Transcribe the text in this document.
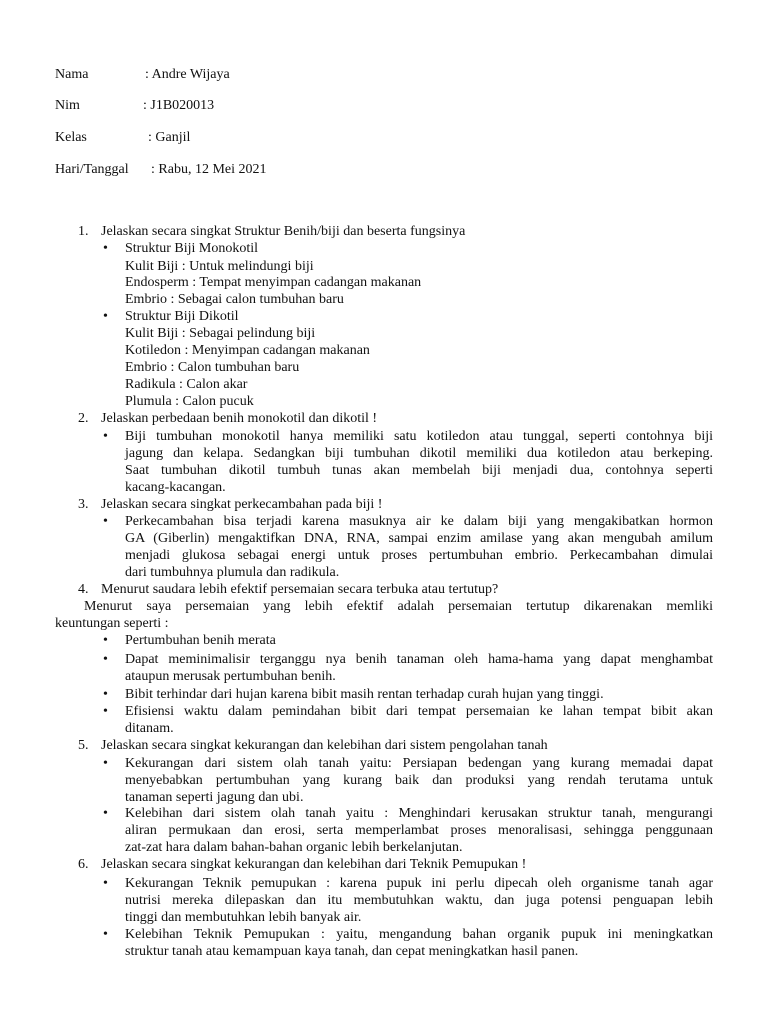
Nama	: Andre Wijaya
Nim	: J1B020013
Kelas	: Ganjil
Hari/Tanggal : Rabu, 12 Mei 2021
1. Jelaskan secara singkat Struktur Benih/biji dan beserta fungsinya
• Struktur Biji Monokotil
Kulit Biji : Untuk melindungi biji
Endosperm : Tempat menyimpan cadangan makanan
Embrio : Sebagai calon tumbuhan baru
• Struktur Biji Dikotil
Kulit Biji : Sebagai pelindung biji
Kotiledon : Menyimpan cadangan makanan
Embrio : Calon tumbuhan baru
Radikula : Calon akar
Plumula : Calon pucuk
2. Jelaskan perbedaan benih monokotil dan dikotil !
• Biji tumbuhan monokotil hanya memiliki satu kotiledon atau tunggal, seperti contohnya biji
jagung dan kelapa. Sedangkan biji tumbuhan dikotil memiliki dua kotiledon atau berkeping.
Saat tumbuhan dikotil tumbuh tunas akan membelah biji menjadi dua, contohnya seperti
kacang-kacangan.
3. Jelaskan secara singkat perkecambahan pada biji !
• Perkecambahan bisa terjadi karena masuknya air ke dalam biji yang mengakibatkan hormon
GA (Giberlin) mengaktifkan DNA, RNA, sampai enzim amilase yang akan mengubah amilum
menjadi glukosa sebagai energi untuk proses pertumbuhan embrio. Perkecambahan dimulai
dari tumbuhnya plumula dan radikula.
4. Menurut saudara lebih efektif persemaian secara terbuka atau tertutup?
Menurut saya persemaian yang lebih efektif adalah persemaian tertutup dikarenakan memliki
keuntungan seperti :
• Pertumbuhan benih merata
• Dapat meminimalisir terganggu nya benih tanaman oleh hama-hama yang dapat menghambat
ataupun merusak pertumbuhan benih.
• Bibit terhindar dari hujan karena bibit masih rentan terhadap curah hujan yang tinggi.
• Efisiensi waktu dalam pemindahan bibit dari tempat persemaian ke lahan tempat bibit akan
ditanam.
5. Jelaskan secara singkat kekurangan dan kelebihan dari sistem pengolahan tanah
• Kekurangan dari sistem olah tanah yaitu: Persiapan bedengan yang kurang memadai dapat
menyebabkan pertumbuhan yang kurang baik dan produksi yang rendah terutama untuk
tanaman seperti jagung dan ubi.
• Kelebihan dari sistem olah tanah yaitu : Menghindari kerusakan struktur tanah, mengurangi
aliran permukaan dan erosi, serta memperlambat proses menoralisasi, sehingga penggunaan
zat-zat hara dalam bahan-bahan organic lebih berkelanjutan.
6. Jelaskan secara singkat kekurangan dan kelebihan dari Teknik Pemupukan !
• Kekurangan Teknik pemupukan : karena pupuk ini perlu dipecah oleh organisme tanah agar
nutrisi mereka dilepaskan dan itu membutuhkan waktu, dan juga potensi penguapan lebih
tinggi dan membutuhkan lebih banyak air.
• Kelebihan Teknik Pemupukan : yaitu, mengandung bahan organik pupuk ini meningkatkan
struktur tanah atau kemampuan kaya tanah, dan cepat meningkatkan hasil panen.
